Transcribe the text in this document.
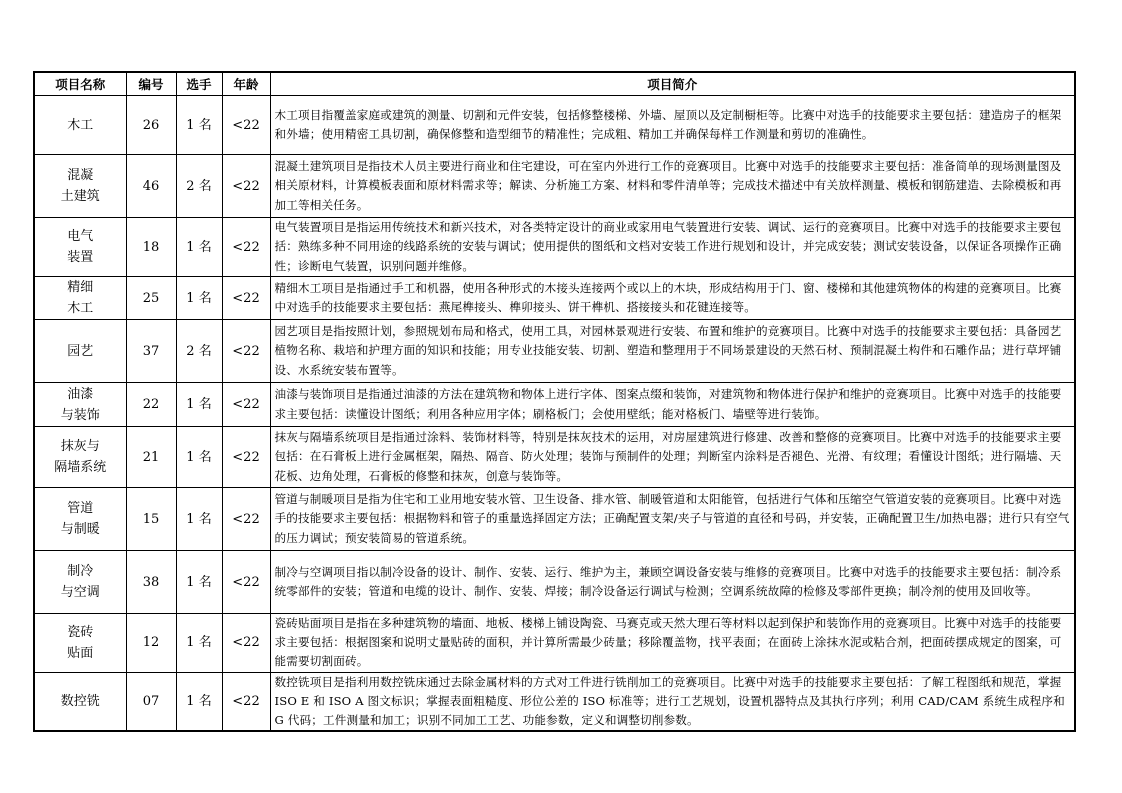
项目名称	编号	选手	年龄	项目简介

木工	26	1 名	<22	木工项目指覆盖家庭或建筑的测量、切割和元件安装，包括修整楼梯、外墙、屋顶以及定制橱柜等。比赛中对选手的技能要求主要包括：建造房子的框架和外墙；使用精密工具切割，确保修整和造型细节的精准性；完成粗、精加工并确保每样工作测量和剪切的准确性。

混凝
土建筑	46	2 名	<22	混凝土建筑项目是指技术人员主要进行商业和住宅建设，可在室内外进行工作的竞赛项目。比赛中对选手的技能要求主要包括：准备简单的现场测量图及相关原材料，计算模板表面和原材料需求等；解读、分析施工方案、材料和零件清单等；完成技术描述中有关放样测量、模板和钢筋建造、去除模板和再加工等相关任务。

电气
装置	18	1 名	<22	电气装置项目是指运用传统技术和新兴技术，对各类特定设计的商业或家用电气装置进行安装、调试、运行的竞赛项目。比赛中对选手的技能要求主要包括：熟练多种不同用途的线路系统的安装与调试；使用提供的图纸和文档对安装工作进行规划和设计，并完成安装；测试安装设备，以保证各项操作正确性；诊断电气装置，识别问题并维修。

精细
木工	25	1 名	<22	精细木工项目是指通过手工和机器，使用各种形式的木接头连接两个或以上的木块，形成结构用于门、窗、楼梯和其他建筑物体的构建的竞赛项目。比赛中对选手的技能要求主要包括：燕尾榫接头、榫卯接头、饼干榫机、搭接接头和花键连接等。

园艺	37	2 名	<22	园艺项目是指按照计划，参照规划布局和格式，使用工具，对园林景观进行安装、布置和维护的竞赛项目。比赛中对选手的技能要求主要包括：具备园艺植物名称、栽培和护理方面的知识和技能；用专业技能安装、切割、塑造和整理用于不同场景建设的天然石材、预制混凝土构件和石雕作品；进行草坪铺设、水系统安装布置等。

油漆
与装饰	22	1 名	<22	油漆与装饰项目是指通过油漆的方法在建筑物和物体上进行字体、图案点缀和装饰，对建筑物和物体进行保护和维护的竞赛项目。比赛中对选手的技能要求主要包括：读懂设计图纸；利用各种应用字体；刷格板门；会使用壁纸；能对格板门、墙壁等进行装饰。

抹灰与
隔墙系统	21	1 名	<22	抹灰与隔墙系统项目是指通过涂料、装饰材料等，特别是抹灰技术的运用，对房屋建筑进行修建、改善和整修的竞赛项目。比赛中对选手的技能要求主要包括：在石膏板上进行金属框架，隔热、隔音、防火处理；装饰与预制件的处理；判断室内涂料是否褪色、光滑、有纹理；看懂设计图纸；进行隔墙、天花板、边角处理，石膏板的修整和抹灰，创意与装饰等。

管道
与制暖	15	1 名	<22	管道与制暖项目是指为住宅和工业用地安装水管、卫生设备、排水管、制暖管道和太阳能管，包括进行气体和压缩空气管道安装的竞赛项目。比赛中对选手的技能要求主要包括：根据物料和管子的重量选择固定方法；正确配置支架/夹子与管道的直径和号码，并安装，正确配置卫生/加热电器；进行只有空气的压力调试；预安装简易的管道系统。

制冷
与空调	38	1 名	<22	制冷与空调项目指以制冷设备的设计、制作、安装、运行、维护为主，兼顾空调设备安装与维修的竞赛项目。比赛中对选手的技能要求主要包括：制冷系统零部件的安装；管道和电缆的设计、制作、安装、焊接；制冷设备运行调试与检测；空调系统故障的检修及零部件更换；制冷剂的使用及回收等。

瓷砖
贴面	12	1 名	<22	瓷砖贴面项目是指在多种建筑物的墙面、地板、楼梯上铺设陶瓷、马赛克或天然大理石等材料以起到保护和装饰作用的竞赛项目。比赛中对选手的技能要求主要包括：根据图案和说明丈量贴砖的面积，并计算所需最少砖量；移除覆盖物，找平表面；在面砖上涂抹水泥或粘合剂，把面砖摆成规定的图案，可能需要切割面砖。

数控铣	07	1 名	<22	数控铣项目是指利用数控铣床通过去除金属材料的方式对工件进行铣削加工的竞赛项目。比赛中对选手的技能要求主要包括：了解工程图纸和规范，掌握 ISO E 和 ISO A 图文标识；掌握表面粗糙度、形位公差的 ISO 标准等；进行工艺规划，设置机器特点及其执行序列；利用 CAD/CAM 系统生成程序和 G 代码；工件测量和加工；识别不同加工工艺、功能参数，定义和调整切削参数。
